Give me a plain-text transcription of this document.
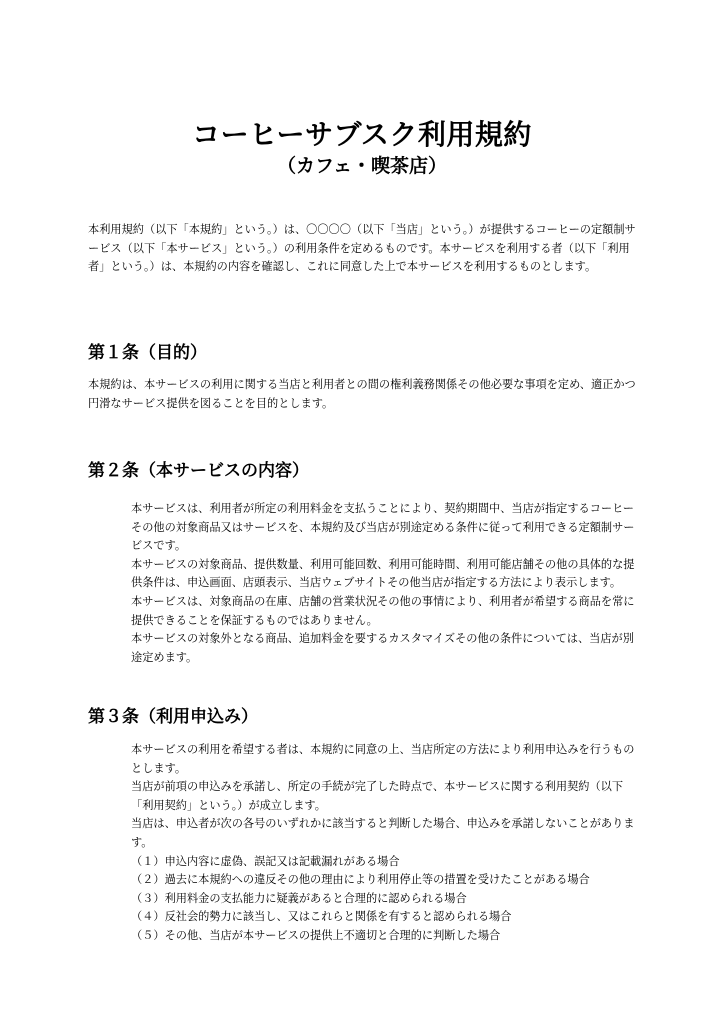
コーヒーサブスク利用規約
（カフェ・喫茶店）
本利用規約（以下「本規約」という。）は、〇〇〇〇（以下「当店」という。）が提供するコーヒーの定額制サービス（以下「本サービス」という。）の利用条件を定めるものです。本サービスを利用する者（以下「利用者」という。）は、本規約の内容を確認し、これに同意した上で本サービスを利用するものとします。
第１条（目的）

本規約は、本サービスの利用に関する当店と利用者との間の権利義務関係その他必要な事項を定め、適正かつ円滑なサービス提供を図ることを目的とします。

第２条（本サービスの内容）

本サービスは、利用者が所定の利用料金を支払うことにより、契約期間中、当店が指定するコーヒーその他の対象商品又はサービスを、本規約及び当店が別途定める条件に従って利用できる定額制サービスです。

本サービスの対象商品、提供数量、利用可能回数、利用可能時間、利用可能店舗その他の具体的な提供条件は、申込画面、店頭表示、当店ウェブサイトその他当店が指定する方法により表示します。

本サービスは、対象商品の在庫、店舗の営業状況その他の事情により、利用者が希望する商品を常に提供できることを保証するものではありません。

本サービスの対象外となる商品、追加料金を要するカスタマイズその他の条件については、当店が別途定めます。

第３条（利用申込み）

本サービスの利用を希望する者は、本規約に同意の上、当店所定の方法により利用申込みを行うものとします。

当店が前項の申込みを承諾し、所定の手続が完了した時点で、本サービスに関する利用契約（以下「利用契約」という。）が成立します。

当店は、申込者が次の各号のいずれかに該当すると判断した場合、申込みを承諾しないことがあります。

（１）申込内容に虚偽、誤記又は記載漏れがある場合

（２）過去に本規約への違反その他の理由により利用停止等の措置を受けたことがある場合

（３）利用料金の支払能力に疑義があると合理的に認められる場合

（４）反社会的勢力に該当し、又はこれらと関係を有すると認められる場合

（５）その他、当店が本サービスの提供上不適切と合理的に判断した場合
